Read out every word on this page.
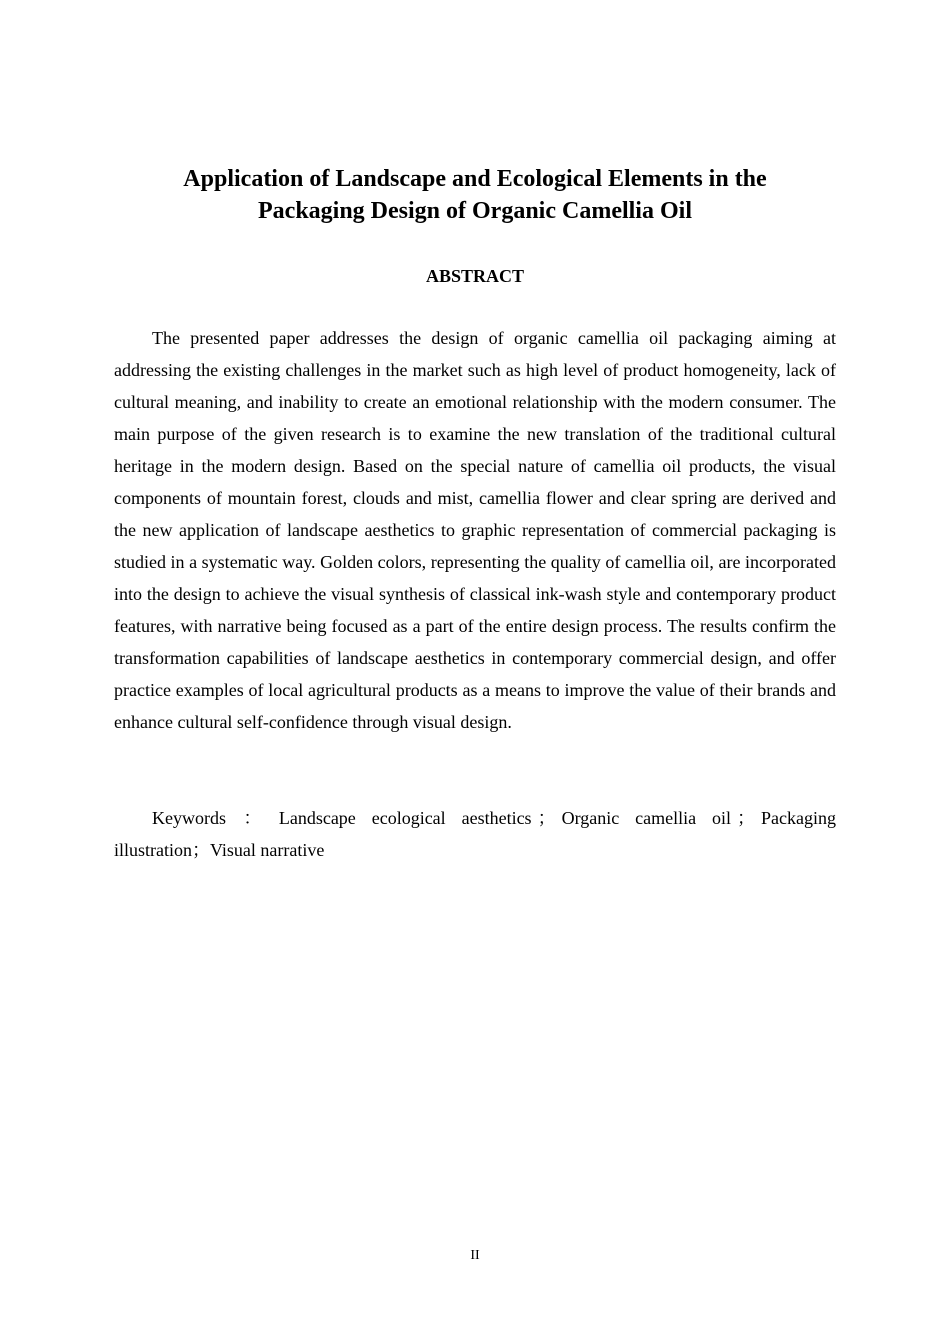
Application of Landscape and Ecological Elements in the
Packaging Design of Organic Camellia Oil
ABSTRACT

The presented paper addresses the design of organic camellia oil packaging aiming at addressing the existing challenges in the market such as high level of product homogeneity, lack of cultural meaning, and inability to create an emotional relationship with the modern consumer. The main purpose of the given research is to examine the new translation of the traditional cultural heritage in the modern design. Based on the special nature of camellia oil products, the visual components of mountain forest, clouds and mist, camellia flower and clear spring are derived and the new application of landscape aesthetics to graphic representation of commercial packaging is studied in a systematic way. Golden colors, representing the quality of camellia oil, are incorporated into the design to achieve the visual synthesis of classical ink-wash style and contemporary product features, with narrative being focused as a part of the entire design process. The results confirm the transformation capabilities of landscape aesthetics in contemporary commercial design, and offer practice examples of local agricultural products as a means to improve the value of their brands and enhance cultural self-confidence through visual design.

Keywords ： Landscape ecological aesthetics ； Organic camellia oil ； Packaging illustration；Visual narrative

II
